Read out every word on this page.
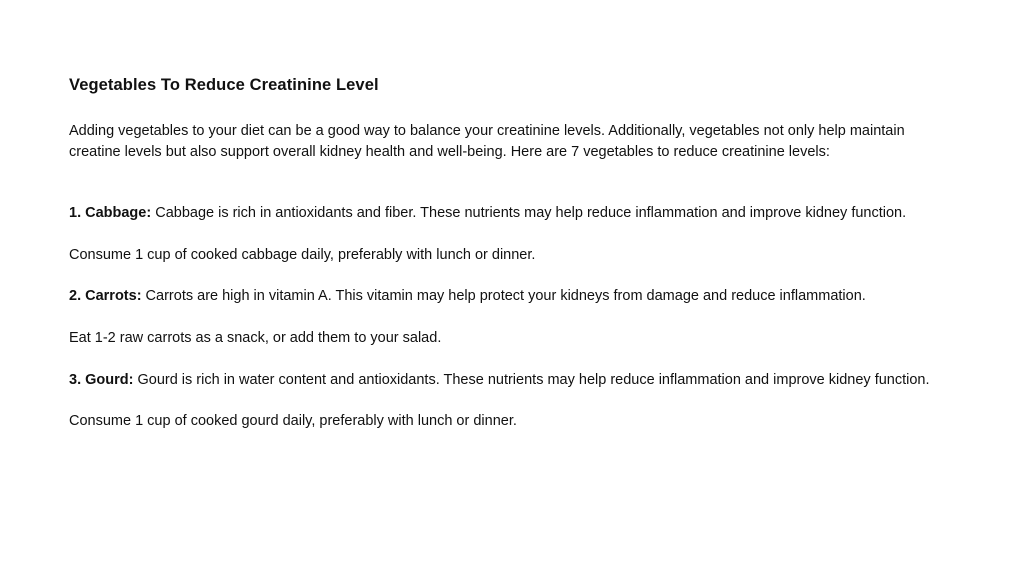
Vegetables To Reduce Creatinine Level

Adding vegetables to your diet can be a good way to balance your creatinine levels. Additionally, vegetables not only help maintain creatine levels but also support overall kidney health and well-being. Here are 7 vegetables to reduce creatinine levels:

1. Cabbage: Cabbage is rich in antioxidants and fiber. These nutrients may help reduce inflammation and improve kidney function.

Consume 1 cup of cooked cabbage daily, preferably with lunch or dinner.

2. Carrots: Carrots are high in vitamin A. This vitamin may help protect your kidneys from damage and reduce inflammation.

Eat 1-2 raw carrots as a snack, or add them to your salad.

3. Gourd: Gourd is rich in water content and antioxidants. These nutrients may help reduce inflammation and improve kidney function.

Consume 1 cup of cooked gourd daily, preferably with lunch or dinner.
